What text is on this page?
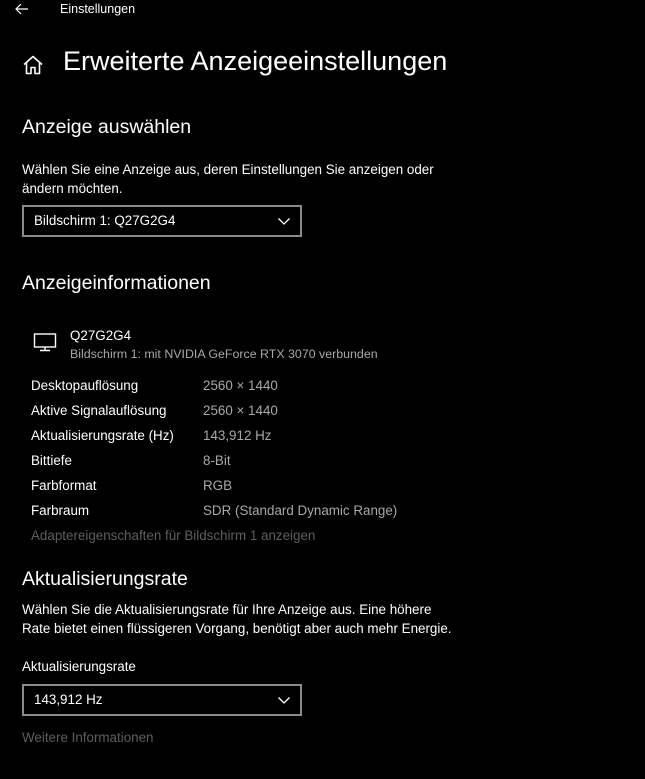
Einstellungen
Erweiterte Anzeigeeinstellungen
Anzeige auswählen
Wählen Sie eine Anzeige aus, deren Einstellungen Sie anzeigen oder
ändern möchten.
Bildschirm 1: Q27G2G4
Anzeigeinformationen
Q27G2G4
Bildschirm 1: mit NVIDIA GeForce RTX 3070 verbunden
Desktopauflösung	2560 × 1440
Aktive Signalauflösung	2560 × 1440
Aktualisierungsrate (Hz) 143,912 Hz
Bittiefe	8-Bit
Farbformat	RGB
Farbraum	SDR (Standard Dynamic Range)
Adaptereigenschaften für Bildschirm 1 anzeigen
Aktualisierungsrate
Wählen Sie die Aktualisierungsrate für Ihre Anzeige aus. Eine höhere
Rate bietet einen flüssigeren Vorgang, benötigt aber auch mehr Energie.
Aktualisierungsrate
143,912 Hz
Weitere Informationen
